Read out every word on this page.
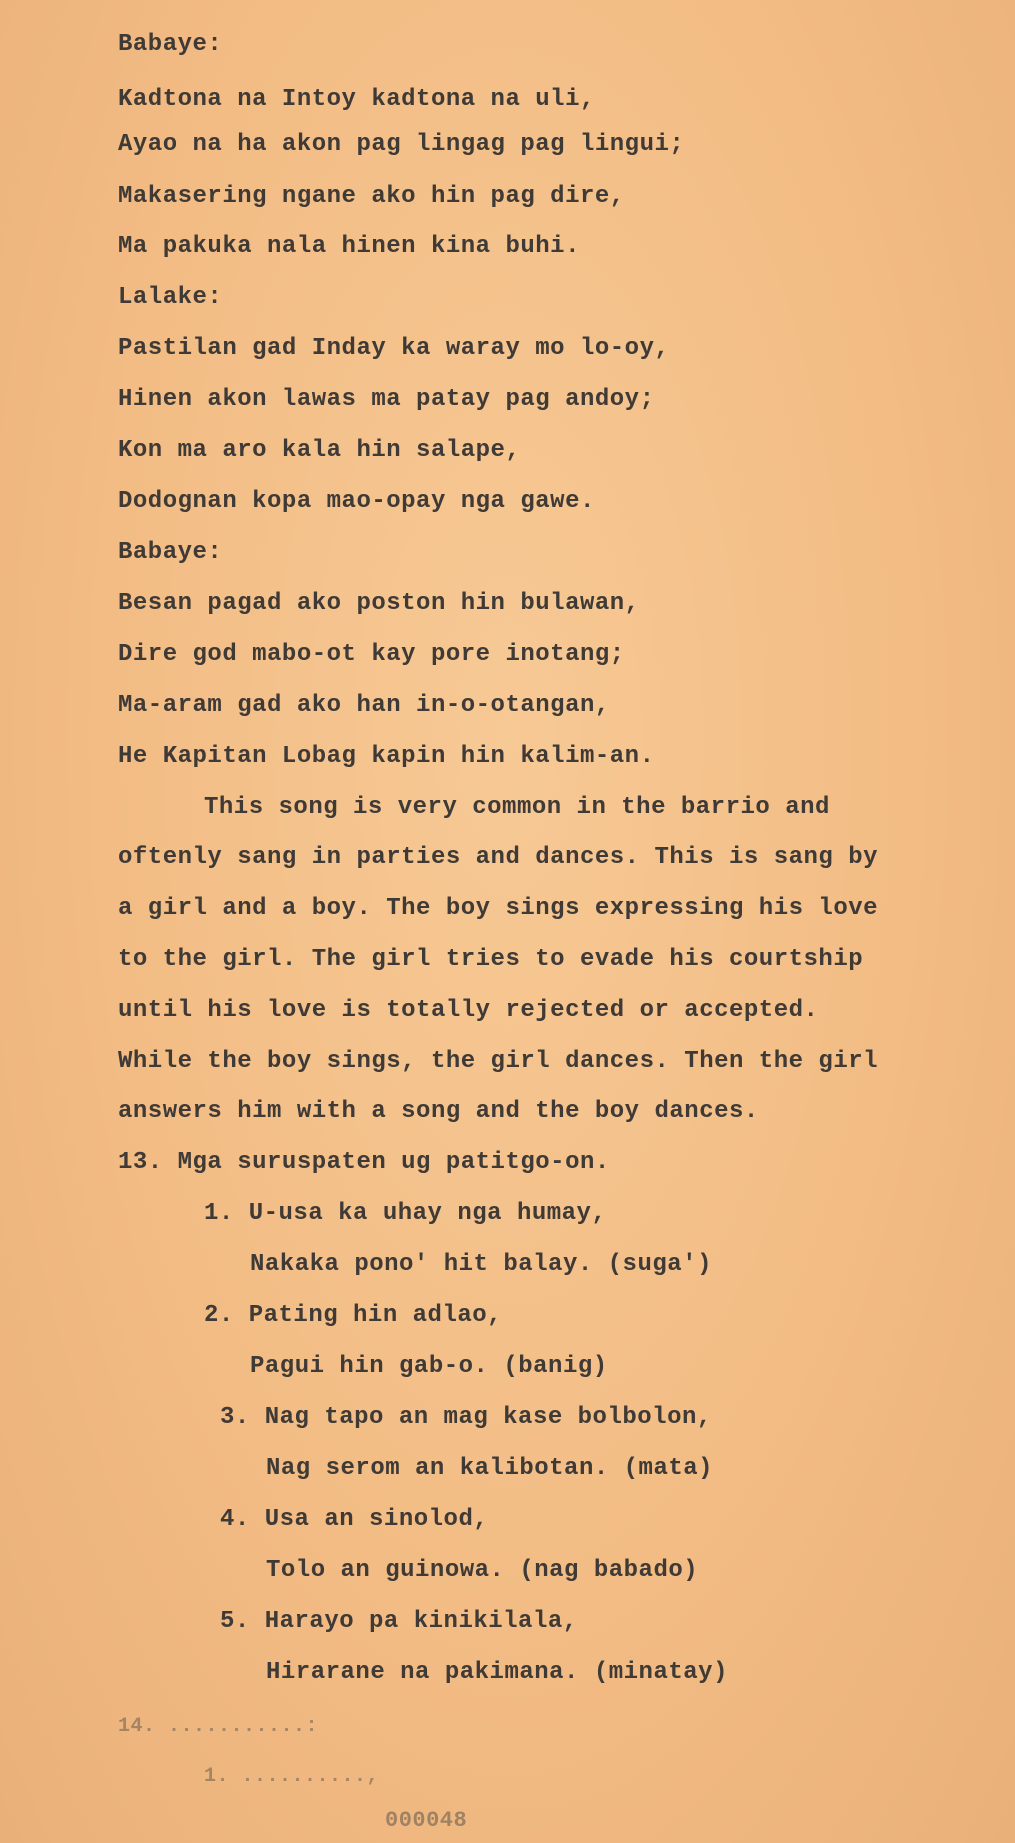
Babaye:
Kadtona na Intoy kadtona na uli,
Ayao na ha akon pag lingag pag lingui;
Makasering ngane ako hin pag dire,
Ma pakuka nala hinen kina buhi.
Lalake:
Pastilan gad Inday ka waray mo lo-oy,
Hinen akon lawas ma patay pag andoy;
Kon ma aro kala hin salape,
Dodognan kopa mao-opay nga gawe.
Babaye:
Besan pagad ako poston hin bulawan,
Dire god mabo-ot kay pore inotang;
Ma-aram gad ako han in-o-otangan,
He Kapitan Lobag kapin hin kalim-an.
This song is very common in the barrio and
oftenly sang in parties and dances. This is sang by
a girl and a boy. The boy sings expressing his love
to the girl. The girl tries to evade his courtship
until his love is totally rejected or accepted.
While the boy sings, the girl dances. Then the girl
answers him with a song and the boy dances.
13. Mga suruspaten ug patitgo-on.
1. U-usa ka uhay nga humay,
Nakaka pono' hit balay. (suga')
2. Pating hin adlao,
Pagui hin gab-o. (banig)
3. Nag tapo an mag kase bolbolon,
Nag serom an kalibotan. (mata)
4. Usa an sinolod,
Tolo an guinowa. (nag babado)
5. Harayo pa kinikilala,
Hirarane na pakimana. (minatay)
14. ...........:
1. ..........,
000048
